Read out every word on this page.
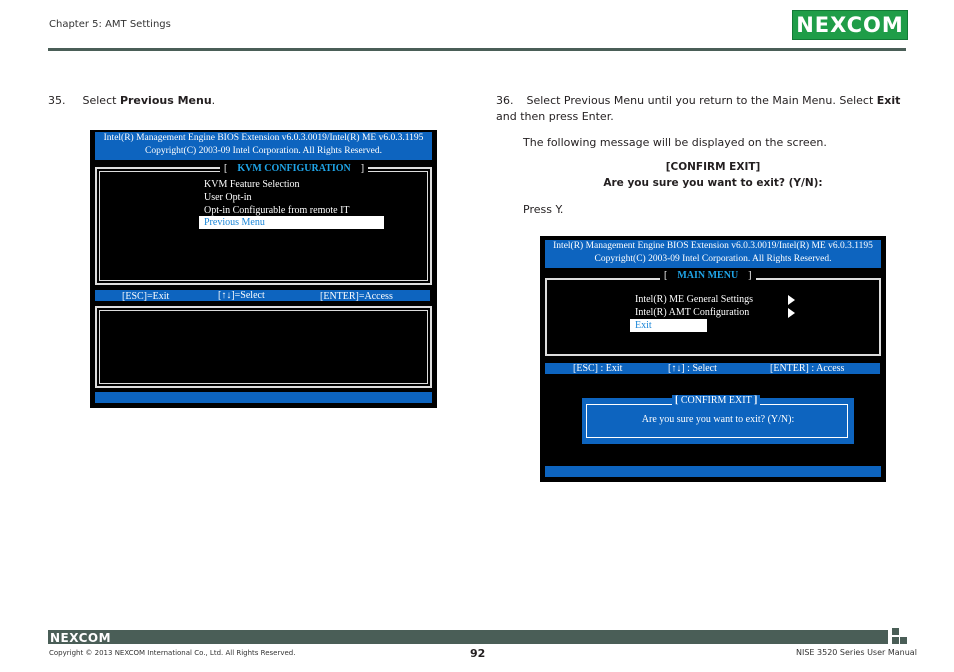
Chapter 5: AMT Settings	NEXCOM
35. Select Previous Menu.
Intel(R) Management Engine BIOS Extension v6.0.3.0019/Intel(R) ME v6.0.3.1195
Copyright(C) 2003-09 Intel Corporation. All Rights Reserved.
[ KVM CONFIGURATION ]
KVM Feature Selection
User Opt-in
Opt-in Configurable from remote IT
Previous Menu
[ESC]=Exit	[↑↓]=Select	[ENTER]=Access
36. Select Previous Menu until you return to the Main Menu. Select Exit and then press Enter.
The following message will be displayed on the screen.
[CONFIRM EXIT]
Are you sure you want to exit? (Y/N):
Press Y.
Intel(R) Management Engine BIOS Extension v6.0.3.0019/Intel(R) ME v6.0.3.1195
Copyright(C) 2003-09 Intel Corporation. All Rights Reserved.
[ MAIN MENU ]
Intel(R) ME General Settings
Intel(R) AMT Configuration
Exit
[ESC] : Exit	[↑↓] : Select	[ENTER] : Access
[ CONFIRM EXIT ]
Are you sure you want to exit? (Y/N):
NEXCOM
Copyright © 2013 NEXCOM International Co., Ltd. All Rights Reserved.	92	NISE 3520 Series User Manual
